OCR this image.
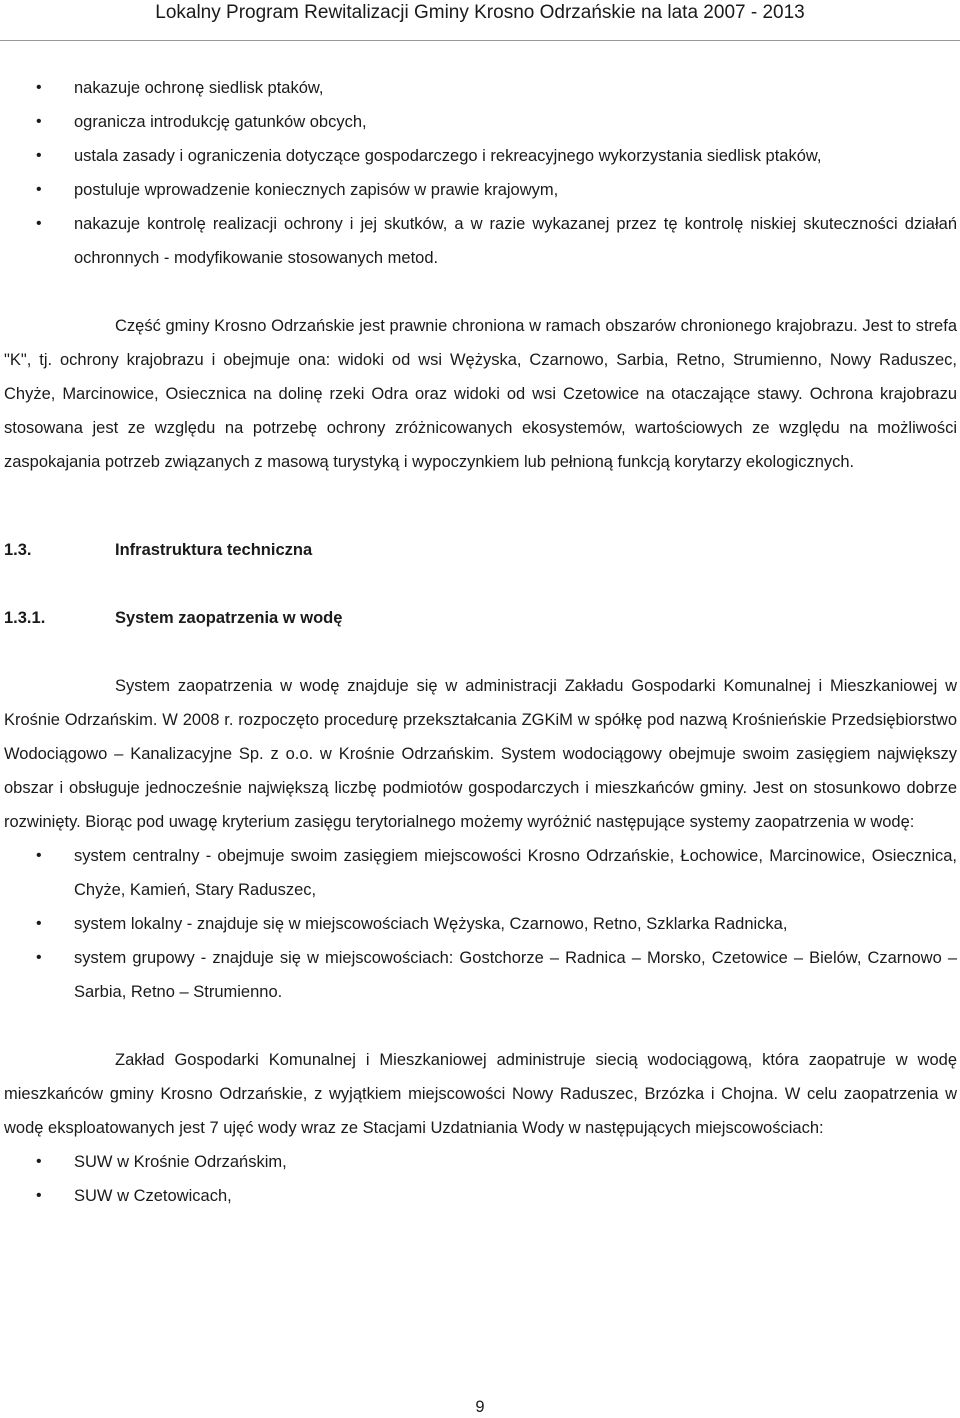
Lokalny Program Rewitalizacji Gminy Krosno Odrzańskie na lata 2007 - 2013
• nakazuje ochronę siedlisk ptaków,
• ogranicza introdukcję gatunków obcych,
• ustala zasady i ograniczenia dotyczące gospodarczego i rekreacyjnego wykorzystania siedlisk ptaków,
• postuluje wprowadzenie koniecznych zapisów w prawie krajowym,
• nakazuje kontrolę realizacji ochrony i jej skutków, a w razie wykazanej przez tę kontrolę niskiej skuteczności działań ochronnych - modyfikowanie stosowanych metod.

Część gminy Krosno Odrzańskie jest prawnie chroniona w ramach obszarów chronionego krajobrazu. Jest to strefa "K", tj. ochrony krajobrazu i obejmuje ona: widoki od wsi Wężyska, Czarnowo, Sarbia, Retno, Strumienno, Nowy Raduszec, Chyże, Marcinowice, Osiecznica na dolinę rzeki Odra oraz widoki od wsi Czetowice na otaczające stawy. Ochrona krajobrazu stosowana jest ze względu na potrzebę ochrony zróżnicowanych ekosystemów, wartościowych ze względu na możliwości zaspokajania potrzeb związanych z masową turystyką i wypoczynkiem lub pełnioną funkcją korytarzy ekologicznych.

1.3.	Infrastruktura techniczna
1.3.1.	System zaopatrzenia w wodę

System zaopatrzenia w wodę znajduje się w administracji Zakładu Gospodarki Komunalnej i Mieszkaniowej w Krośnie Odrzańskim. W 2008 r. rozpoczęto procedurę przekształcania ZGKiM w spółkę pod nazwą Krośnieńskie Przedsiębiorstwo Wodociągowo – Kanalizacyjne Sp. z o.o. w Krośnie Odrzańskim. System wodociągowy obejmuje swoim zasięgiem największy obszar i obsługuje jednocześnie największą liczbę podmiotów gospodarczych i mieszkańców gminy. Jest on stosunkowo dobrze rozwinięty. Biorąc pod uwagę kryterium zasięgu terytorialnego możemy wyróżnić następujące systemy zaopatrzenia w wodę:

• system centralny - obejmuje swoim zasięgiem miejscowości Krosno Odrzańskie, Łochowice, Marcinowice, Osiecznica, Chyże, Kamień, Stary Raduszec,
• system lokalny - znajduje się w miejscowościach Wężyska, Czarnowo, Retno, Szklarka Radnicka,
• system grupowy - znajduje się w miejscowościach: Gostchorze – Radnica – Morsko, Czetowice – Bielów, Czarnowo – Sarbia, Retno – Strumienno.

Zakład Gospodarki Komunalnej i Mieszkaniowej administruje siecią wodociągową, która zaopatruje w wodę mieszkańców gminy Krosno Odrzańskie, z wyjątkiem miejscowości Nowy Raduszec, Brzózka i Chojna. W celu zaopatrzenia w wodę eksploatowanych jest 7 ujęć wody wraz ze Stacjami Uzdatniania Wody w następujących miejscowościach:

• SUW w Krośnie Odrzańskim,
• SUW w Czetowicach,
9
